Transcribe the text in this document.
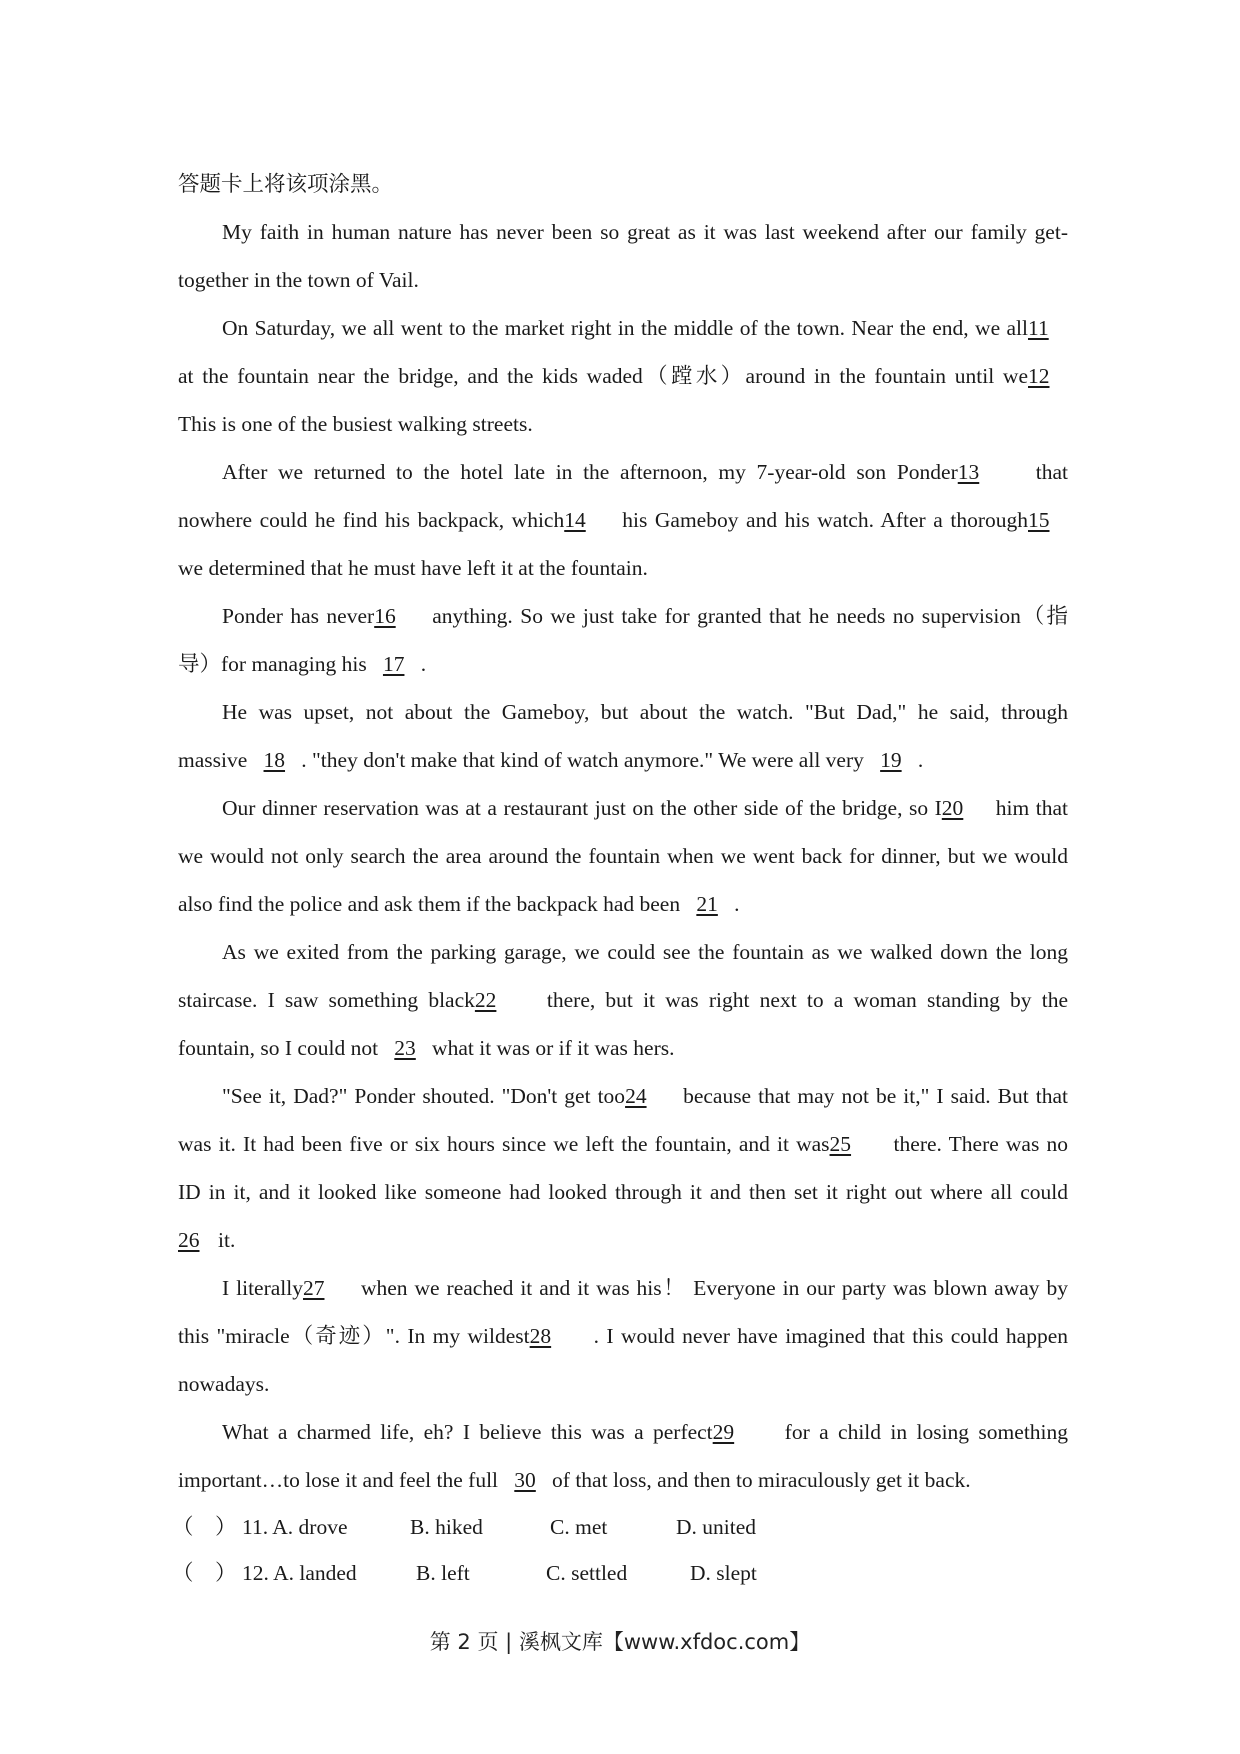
答题卡上将该项涂黑。
My faith in human nature has never been so great as it was last weekend after our family get-
together in the town of Vail.
On Saturday, we all went to the market right in the middle of the town. Near the end, we all11
at the fountain near the bridge, and the kids waded（蹚水）around in the fountain until we12
This is one of the busiest walking streets.
After we returned to the hotel late in the afternoon, my 7-year-old son Ponder13	that
nowhere could he find his backpack, which14 his Gameboy and his watch. After a thorough15
we determined that he must have left it at the fountain.
Ponder has never16 anything. So we just take for granted that he needs no supervision（指
导）for managing his 17 .
He was upset, not about the Gameboy, but about the watch. "But Dad," he said, through
massive 18 . "they don't make that kind of watch anymore." We were all very 19 .
Our dinner reservation was at a restaurant just on the other side of the bridge, so I20 him that
we would not only search the area around the fountain when we went back for dinner, but we would
also find the police and ask them if the backpack had been 21 .
As we exited from the parking garage, we could see the fountain as we walked down the long
staircase. I saw something black22 there, but it was right next to a woman standing by the
fountain, so I could not 23 what it was or if it was hers.
"See it, Dad?" Ponder shouted. "Don't get too24 because that may not be it," I said. But that
was it. It had been five or six hours since we left the fountain, and it was25 there. There was no
ID in it, and it looked like someone had looked through it and then set it right out where all could
26 it.
I literally27 when we reached it and it was his！ Everyone in our party was blown away by
this "miracle（奇迹）". In my wildest28 . I would never have imagined that this could happen
nowadays.
What a charmed life, eh? I believe this was a perfect29 for a child in losing something
important…to lose it and feel the full 30 of that loss, and then to miraculously get it back.
（　） 11. A. drove	B. hiked	C. met	D. united
（　） 12. A. landed	B. left	C. settled	D. slept
第 2 页 | 溪枫文库【www.xfdoc.com】
